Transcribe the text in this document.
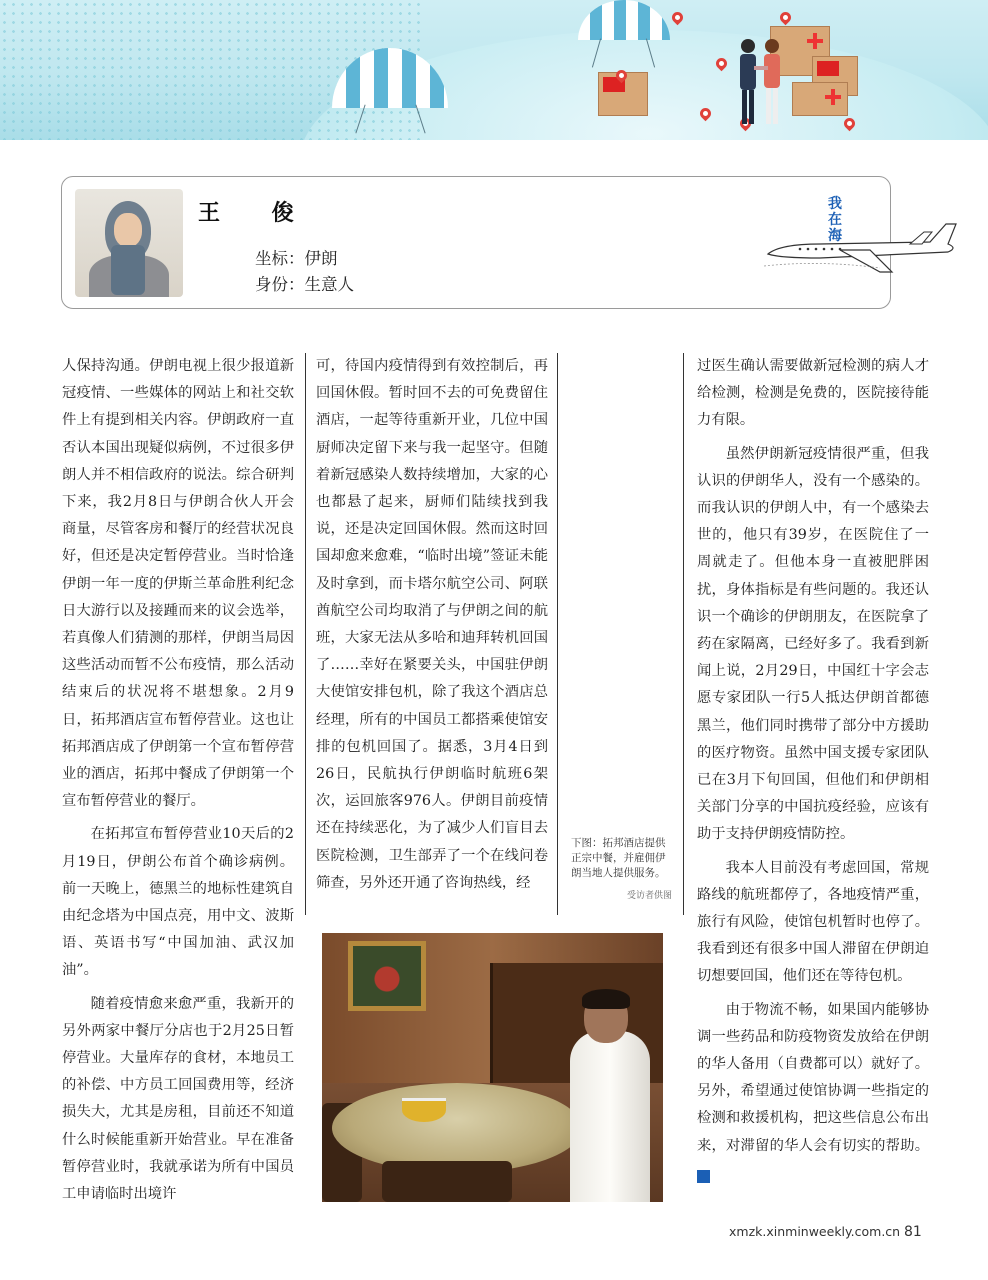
王 俊
坐标：伊朗
身份：生意人
我
在
海

人保持沟通。伊朗电视上很少报道新冠疫情、一些媒体的网站上和社交软件上有提到相关内容。伊朗政府一直否认本国出现疑似病例，不过很多伊朗人并不相信政府的说法。综合研判下来，我2月8日与伊朗合伙人开会商量，尽管客房和餐厅的经营状况良好，但还是决定暂停营业。当时恰逢伊朗一年一度的伊斯兰革命胜利纪念日大游行以及接踵而来的议会选举，若真像人们猜测的那样，伊朗当局因这些活动而暂不公布疫情，那么活动结束后的状况将不堪想象。2月9日，拓邦酒店宣布暂停营业。这也让拓邦酒店成了伊朗第一个宣布暂停营业的酒店，拓邦中餐成了伊朗第一个宣布暂停营业的餐厅。

在拓邦宣布暂停营业10天后的2月19日，伊朗公布首个确诊病例。前一天晚上，德黑兰的地标性建筑自由纪念塔为中国点亮，用中文、波斯语、英语书写“中国加油、武汉加油”。

随着疫情愈来愈严重，我新开的另外两家中餐厅分店也于2月25日暂停营业。大量库存的食材，本地员工的补偿、中方员工回国费用等，经济损失大，尤其是房租，目前还不知道什么时候能重新开始营业。早在准备暂停营业时，我就承诺为所有中国员工申请临时出境许

可，待国内疫情得到有效控制后，再回国休假。暂时回不去的可免费留住酒店，一起等待重新开业，几位中国厨师决定留下来与我一起坚守。但随着新冠感染人数持续增加，大家的心也都悬了起来，厨师们陆续找到我说，还是决定回国休假。然而这时回国却愈来愈难，“临时出境”签证未能及时拿到，而卡塔尔航空公司、阿联酋航空公司均取消了与伊朗之间的航班，大家无法从多哈和迪拜转机回国了……幸好在紧要关头，中国驻伊朗大使馆安排包机，除了我这个酒店总经理，所有的中国员工都搭乘使馆安排的包机回国了。据悉，3月4日到26日，民航执行伊朗临时航班6架次，运回旅客976人。伊朗目前疫情还在持续恶化，为了减少人们盲目去医院检测，卫生部弄了一个在线问卷筛查，另外还开通了咨询热线，经

过医生确认需要做新冠检测的病人才给检测，检测是免费的，医院接待能力有限。

虽然伊朗新冠疫情很严重，但我认识的伊朗华人，没有一个感染的。而我认识的伊朗人中，有一个感染去世的，他只有39岁，在医院住了一周就走了。但他本身一直被肥胖困扰，身体指标是有些问题的。我还认识一个确诊的伊朗朋友，在医院拿了药在家隔离，已经好多了。我看到新闻上说，2月29日，中国红十字会志愿专家团队一行5人抵达伊朗首都德黑兰，他们同时携带了部分中方援助的医疗物资。虽然中国支援专家团队已在3月下旬回国，但他们和伊朗相关部门分享的中国抗疫经验，应该有助于支持伊朗疫情防控。

我本人目前没有考虑回国，常规路线的航班都停了，各地疫情严重，旅行有风险，使馆包机暂时也停了。我看到还有很多中国人滞留在伊朗迫切想要回国，他们还在等待包机。

由于物流不畅，如果国内能够协调一些药品和防疫物资发放给在伊朗的华人备用（自费都可以）就好了。另外，希望通过使馆协调一些指定的检测和救援机构，把这些信息公布出来，对滞留的华人会有切实的帮助。民

下图：拓邦酒店提供正宗中餐，并雇佣伊朗当地人提供服务。
受访者供图
xmzk.xinminweekly.com.cn 81
